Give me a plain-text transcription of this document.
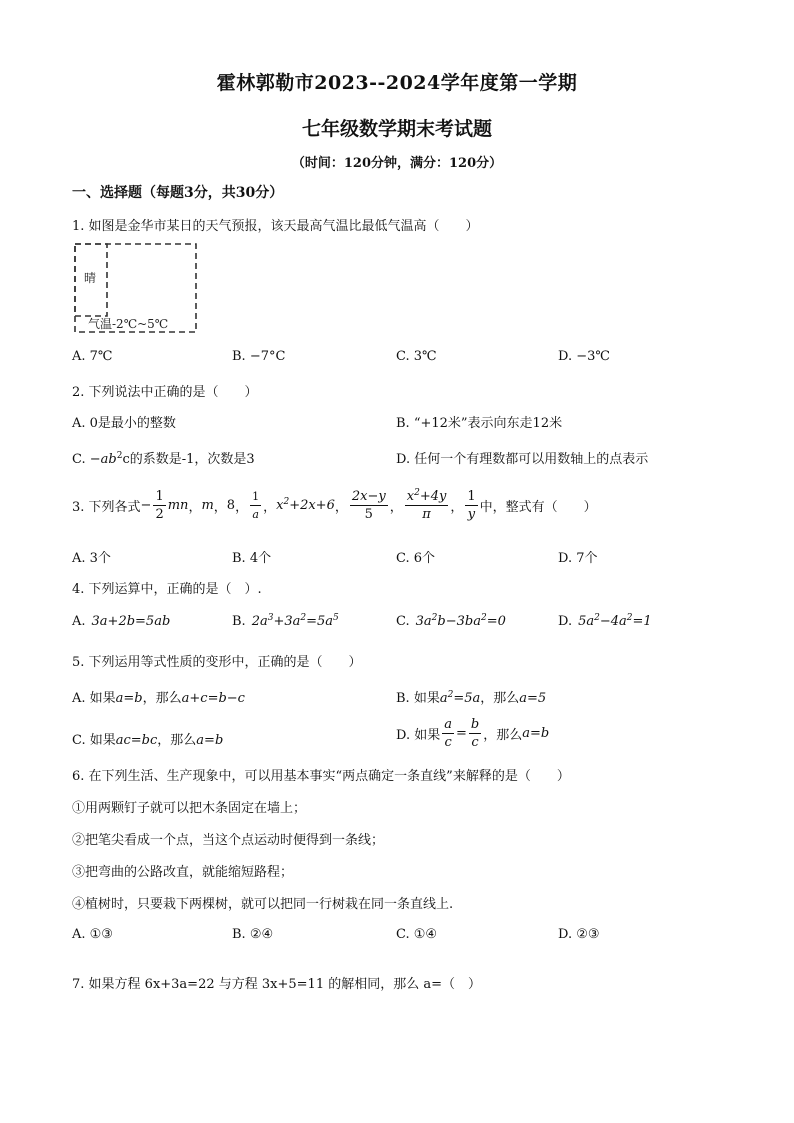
霍林郭勒市2023--2024学年度第一学期
七年级数学期末考试题
（时间：120分钟，满分：120分）
一、选择题（每题3分，共30分）
1. 如图是金华市某日的天气预报，该天最高气温比最低气温高（　　）
晴
气温-2℃~5℃
A. 7℃	B. −7°C	C. 3℃	D. −3℃
2. 下列说法中正确的是（　　）
A. 0是最小的整数	B. “+12米”表示向东走12米
C. $-ab^2c$的系数是-1，次数是3	D. 任何一个有理数都可以用数轴上的点表示
3. 下列各式 − $\frac{1}{2}$ mn ， m ， 8 ， $\frac{1}{a}$ ， $x^2+2x+6$ ， $\frac{2x-y}{5}$ ， $\frac{x^2+4y}{\pi}$ ， $\frac{1}{y}$ 中，整式有（　　）
A. 3个	B. 4个	C. 6个	D. 7个
4. 下列运算中，正确的是（　）.
A. 3a+2b=5ab	B. $2a^3+3a^2=5a^5$	C. $3a^2b-3ba^2=0$	D. $5a^2-4a^2=1$
5. 下列运用等式性质的变形中，正确的是（　　）
A. 如果a=b，那么a+c=b−c	B. 如果$a^2=5a$，那么a=5
C. 如果ac=bc，那么a=b	D. 如果 $\frac{a}{c} = \frac{b}{c}$ ，那么 a=b
6. 在下列生活、生产现象中，可以用基本事实“两点确定一条直线”来解释的是（　　）
①用两颗钉子就可以把木条固定在墙上；
②把笔尖看成一个点，当这个点运动时便得到一条线；
③把弯曲的公路改直，就能缩短路程；
④植树时，只要栽下两棵树，就可以把同一行树栽在同一条直线上.
A. ①③	B. ②④	C. ①④	D. ②③
7. 如果方程 6x+3a=22 与方程 3x+5=11 的解相同，那么 a=（　）
